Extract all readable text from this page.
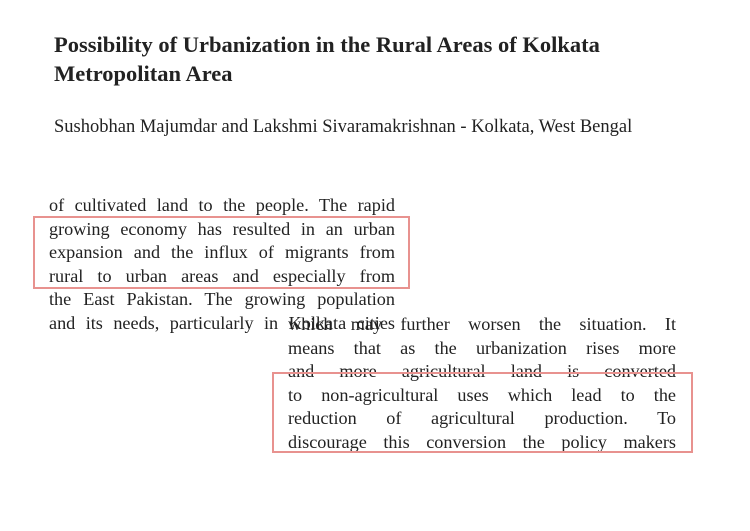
Possibility of Urbanization in the Rural Areas of Kolkata
Metropolitan Area
Sushobhan Majumdar and Lakshmi Sivaramakrishnan - Kolkata, West Bengal
of cultivated land to the people. The rapid
growing economy has resulted in an urban
expansion and the influx of migrants from
rural to urban areas and especially from
the East Pakistan. The growing population
and its needs, particularly in Kolkata cities
which may further worsen the situation. It
means that as the urbanization rises more
and more agricultural land is converted
to non-agricultural uses which lead to the
reduction of agricultural production. To
discourage this conversion the policy makers
